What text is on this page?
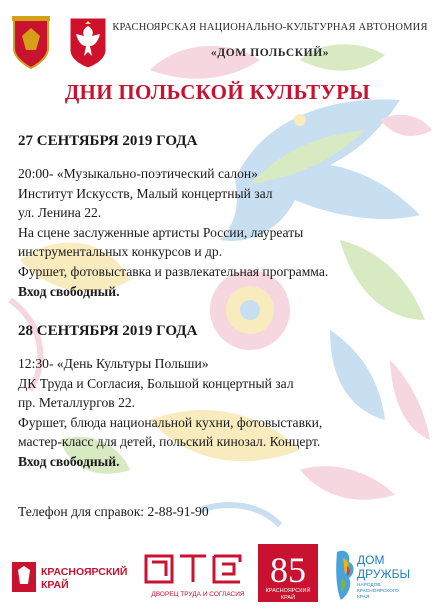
КРАСНОЯРСКАЯ НАЦИОНАЛЬНО-КУЛЬТУРНАЯ АВТОНОМИЯ
«ДОМ ПОЛЬСКИЙ»
ДНИ ПОЛЬСКОЙ КУЛЬТУРЫ
27 СЕНТЯБРЯ 2019 ГОДА
20:00- «Музыкально-поэтический салон»
Институт Искусств, Малый концертный зал
ул. Ленина 22.
На сцене заслуженные артисты России, лауреаты
инструментальных конкурсов и др.
Фуршет, фотовыставка и развлекательная программа.
Вход свободный.
28 СЕНТЯБРЯ 2019 ГОДА
12:30- «День Культуры Польши»
ДК Труда и Согласия, Большой концертный зал
пр. Металлургов 22.
Фуршет, блюда национальной кухни, фотовыставки,
мастер-класс для детей, польский кинозал. Концерт.
Вход свободный.
Телефон для справок: 2-88-91-90
КРАСНОЯРСКИЙ
КРАЙ
ДВОРЕЦ ТРУДА И СОГЛАСИЯ
85
КРАСНОЯРСКИЙ
КРАЙ
ДОМ
ДРУЖБЫ
НАРОДОВ
КРАСНОЯРСКОГО
КРАЯ
